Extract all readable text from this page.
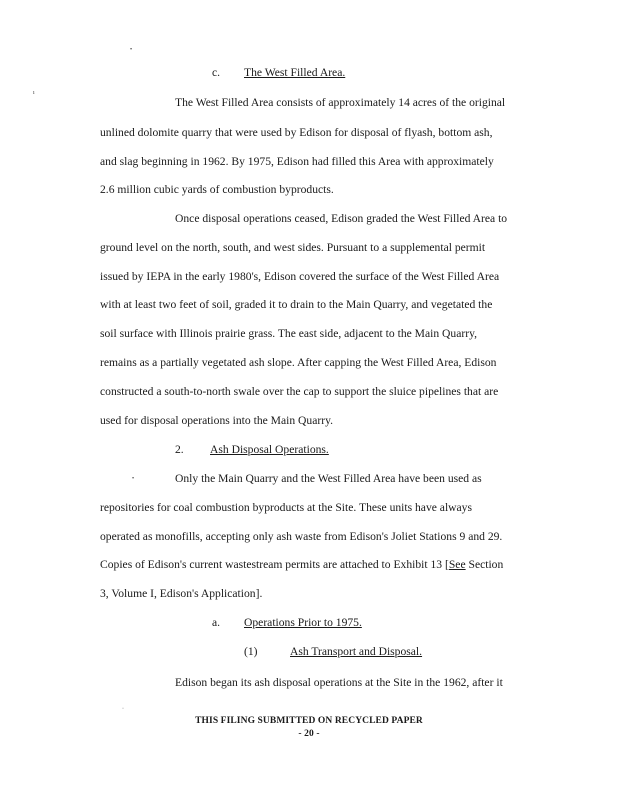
•
ı
c. The West Filled Area.
The West Filled Area consists of approximately 14 acres of the original
unlined dolomite quarry that were used by Edison for disposal of flyash, bottom ash,
and slag beginning in 1962. By 1975, Edison had filled this Area with approximately
2.6 million cubic yards of combustion byproducts.
Once disposal operations ceased, Edison graded the West Filled Area to
ground level on the north, south, and west sides. Pursuant to a supplemental permit
issued by IEPA in the early 1980's, Edison covered the surface of the West Filled Area
with at least two feet of soil, graded it to drain to the Main Quarry, and vegetated the
soil surface with Illinois prairie grass. The east side, adjacent to the Main Quarry,
remains as a partially vegetated ash slope. After capping the West Filled Area, Edison
constructed a south-to-north swale over the cap to support the sluice pipelines that are
used for disposal operations into the Main Quarry.
2. Ash Disposal Operations.
•	Only the Main Quarry and the West Filled Area have been used as
repositories for coal combustion byproducts at the Site. These units have always
operated as monofills, accepting only ash waste from Edison's Joliet Stations 9 and 29.
Copies of Edison's current wastestream permits are attached to Exhibit 13 [See Section
3, Volume I, Edison's Application].
a. Operations Prior to 1975.
(1)	Ash Transport and Disposal.
Edison began its ash disposal operations at the Site in the 1962, after it
·
THIS FILING SUBMITTED ON RECYCLED PAPER
- 20 -
